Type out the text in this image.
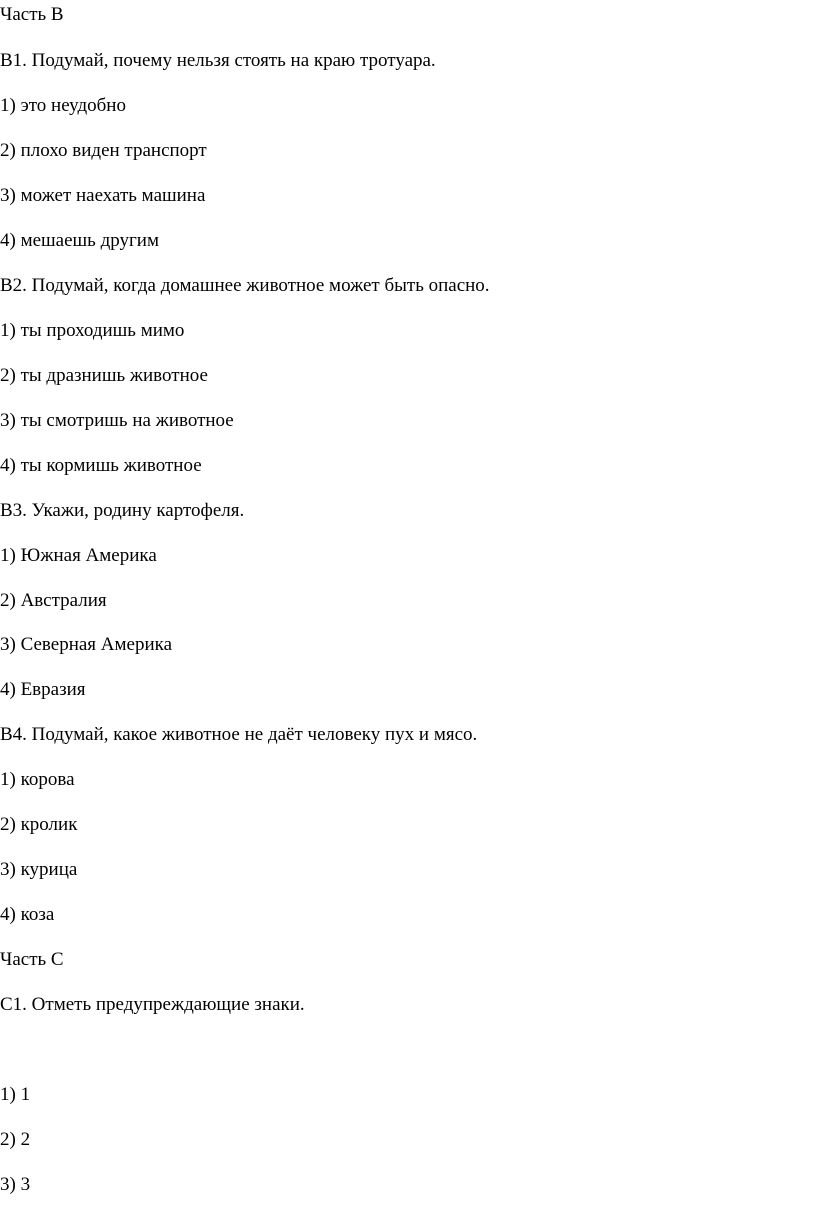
Часть В
В1. Подумай, почему нельзя стоять на краю тротуара.
1) это неудобно
2) плохо виден транспорт
3) может наехать машина
4) мешаешь другим
В2. Подумай, когда домашнее животное может быть опасно.
1) ты проходишь мимо
2) ты дразнишь животное
3) ты смотришь на животное
4) ты кормишь животное
В3. Укажи, родину картофеля.
1) Южная Америка
2) Австралия
3) Северная Америка
4) Евразия
В4. Подумай, какое животное не даёт человеку пух и мясо.
1) корова
2) кролик
3) курица
4) коза
Часть С
С1. Отметь предупреждающие знаки.
1) 1
2) 2
3) 3
